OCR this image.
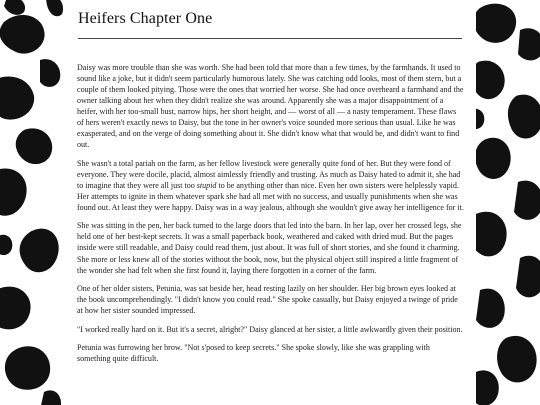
Heifers Chapter One

Daisy was more trouble than she was worth. She had been told that more than a few times, by the farmhands. It used to sound like a joke, but it didn't seem particularly humorous lately. She was catching odd looks, most of them stern, but a couple of them looked pitying. Those were the ones that worried her worse. She had once overheard a farmhand and the owner talking about her when they didn't realize she was around. Apparently she was a major disappointment of a heifer, with her too-small bust, narrow hips, her short height, and — worst of all — a nasty temperament. These flaws of hers weren't exactly news to Daisy, but the tone in her owner's voice sounded more serious than usual. Like he was exasperated, and on the verge of doing something about it. She didn't know what that would be, and didn't want to find out.

She wasn't a total pariah on the farm, as her fellow livestock were generally quite fond of her. But they were fond of everyone. They were docile, placid, almost aimlessly friendly and trusting. As much as Daisy hated to admit it, she had to imagine that they were all just too stupid to be anything other than nice. Even her own sisters were helplessly vapid. Her attempts to ignite in them whatever spark she had all met with no success, and usually punishments when she was found out. At least they were happy. Daisy was in a way jealous, although she wouldn't give away her intelligence for it.

She was sitting in the pen, her back turned to the large doors that led into the barn. In her lap, over her crossed legs, she held one of her best-kept secrets. It was a small paperback book, weathered and caked with dried mud. But the pages inside were still readable, and Daisy could read them, just about. It was full of short stories, and she found it charming. She more or less knew all of the stories without the book, now, but the physical object still inspired a little fragment of the wonder she had felt when she first found it, laying there forgotten in a corner of the farm.

One of her older sisters, Petunia, was sat beside her, head resting lazily on her shoulder. Her big brown eyes looked at the book uncomprehendingly. "I didn't know you could read." She spoke casually, but Daisy enjoyed a twinge of pride at how her sister sounded impressed.

"I worked really hard on it. But it's a secret, alright?" Daisy glanced at her sister, a little awkwardly given their position.

Petunia was furrowing her brow. "Not s'posed to keep secrets." She spoke slowly, like she was grappling with something quite difficult.
